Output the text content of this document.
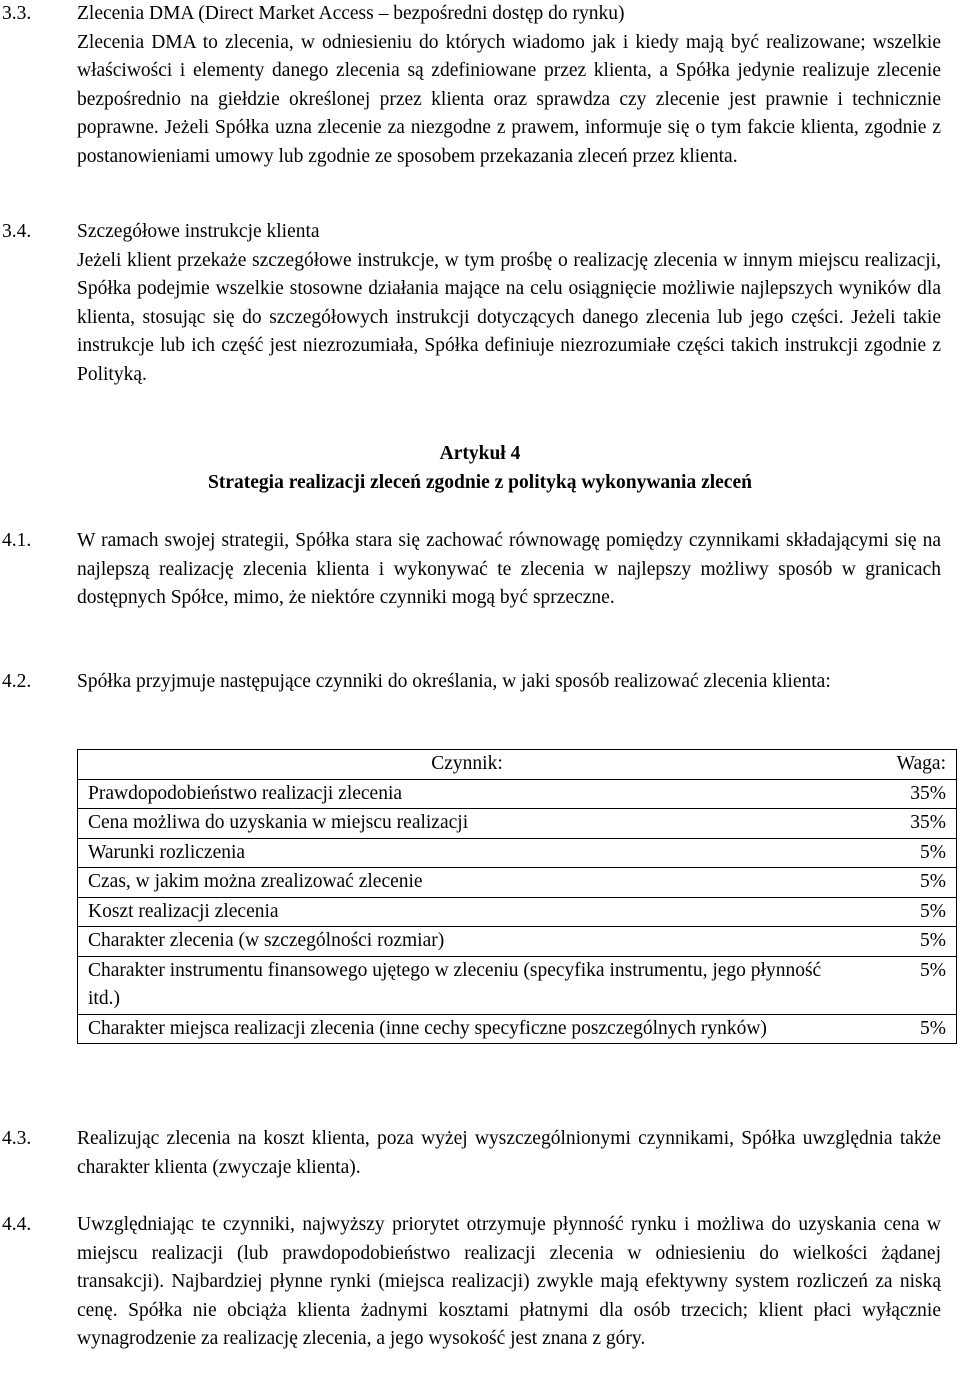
3.3. Zlecenia DMA (Direct Market Access – bezpośredni dostęp do rynku)

Zlecenia DMA to zlecenia, w odniesieniu do których wiadomo jak i kiedy mają być realizowane; wszelkie właściwości i elementy danego zlecenia są zdefiniowane przez klienta, a Spółka jedynie realizuje zlecenie bezpośrednio na giełdzie określonej przez klienta oraz sprawdza czy zlecenie jest prawnie i technicznie poprawne. Jeżeli Spółka uzna zlecenie za niezgodne z prawem, informuje się o tym fakcie klienta, zgodnie z postanowieniami umowy lub zgodnie ze sposobem przekazania zleceń przez klienta.

3.4. Szczegółowe instrukcje klienta

Jeżeli klient przekaże szczegółowe instrukcje, w tym prośbę o realizację zlecenia w innym miejscu realizacji, Spółka podejmie wszelkie stosowne działania mające na celu osiągnięcie możliwie najlepszych wyników dla klienta, stosując się do szczegółowych instrukcji dotyczących danego zlecenia lub jego części. Jeżeli takie instrukcje lub ich część jest niezrozumiała, Spółka definiuje niezrozumiałe części takich instrukcji zgodnie z Polityką.

Artykuł 4
Strategia realizacji zleceń zgodnie z polityką wykonywania zleceń
4.1. W ramach swojej strategii, Spółka stara się zachować równowagę pomiędzy czynnikami składającymi się na najlepszą realizację zlecenia klienta i wykonywać te zlecenia w najlepszy możliwy sposób w granicach dostępnych Spółce, mimo, że niektóre czynniki mogą być sprzeczne.

4.2. Spółka przyjmuje następujące czynniki do określania, w jaki sposób realizować zlecenia klienta:

Czynnik:	Waga:
Prawdopodobieństwo realizacji zlecenia	35%
Cena możliwa do uzyskania w miejscu realizacji	35%
Warunki rozliczenia	5%
Czas, w jakim można zrealizować zlecenie	5%
Koszt realizacji zlecenia	5%
Charakter zlecenia (w szczególności rozmiar)	5%
Charakter instrumentu finansowego ujętego w zleceniu (specyfika instrumentu, jego płynność itd.)	5%
Charakter miejsca realizacji zlecenia (inne cechy specyficzne poszczególnych rynków)	5%
4.3. Realizując zlecenia na koszt klienta, poza wyżej wyszczególnionymi czynnikami, Spółka uwzględnia także charakter klienta (zwyczaje klienta).

4.4. Uwzględniając te czynniki, najwyższy priorytet otrzymuje płynność rynku i możliwa do uzyskania cena w miejscu realizacji (lub prawdopodobieństwo realizacji zlecenia w odniesieniu do wielkości żądanej transakcji). Najbardziej płynne rynki (miejsca realizacji) zwykle mają efektywny system rozliczeń za niską cenę. Spółka nie obciąża klienta żadnymi kosztami płatnymi dla osób trzecich; klient płaci wyłącznie wynagrodzenie za realizację zlecenia, a jego wysokość jest znana z góry.
